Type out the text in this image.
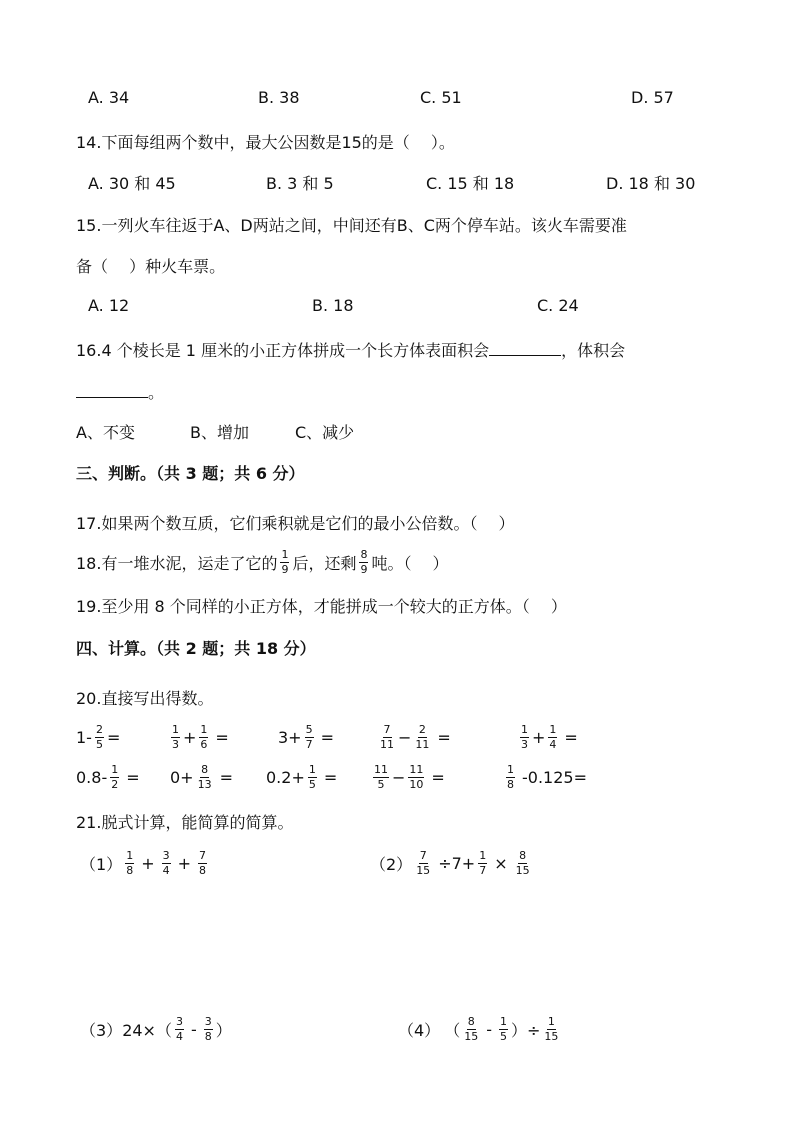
A. 34	B. 38	C. 51	D. 57
14.下面每组两个数中，最大公因数是15的是（　 ）。
A. 30 和 45	B. 3 和 5	C. 15 和 18	D. 18 和 30
15.一列火车往返于A、D两站之间，中间还有B、C两个停车站。该火车需要准
备（　 ）种火车票。
A. 12	B. 18	C. 24
16.4 个棱长是 1 厘米的小正方体拼成一个长方体表面积会	，体积会
。
A、不变	B、增加	C、减少
三、判断。（共 3 题；共 6 分）
17.如果两个数互质，它们乘积就是它们的最小公倍数。（　 ）
18.有一堆水泥，运走了它的 $\frac{1}{9}$ 后，还剩 $\frac{8}{9}$ 吨。（　 ）
19.至少用 8 个同样的小正方体，才能拼成一个较大的正方体。（　 ）
四、计算。（共 2 题；共 18 分）
20.直接写出得数。
$1- \frac{2}{5}$ =	$\frac{1}{3} + \frac{1}{6}$ =	$3+ \frac{5}{7}$ =	$\frac{7}{11} - \frac{2}{11}$ =	$\frac{1}{3} + \frac{1}{4}$ =
$0.8- \frac{1}{2} = 0+ \frac{8}{13} = 0.2+ \frac{1}{5}$ =	$\frac{11}{5} - \frac{11}{10}$ =	$\frac{1}{8} -0.125=$
21.脱式计算，能简算的简算。
$(1) \frac{1}{8} + \frac{3}{4} + \frac{7}{8}$	$(2) \frac{7}{15} \div 7+ \frac{1}{7} \times \frac{8}{15}$
（3） $24\times( \frac{3}{4} - \frac{3}{8}$ ）	（4） （ $\frac{8}{15} - \frac{1}{5}$ ）÷ $\frac{1}{15}$
